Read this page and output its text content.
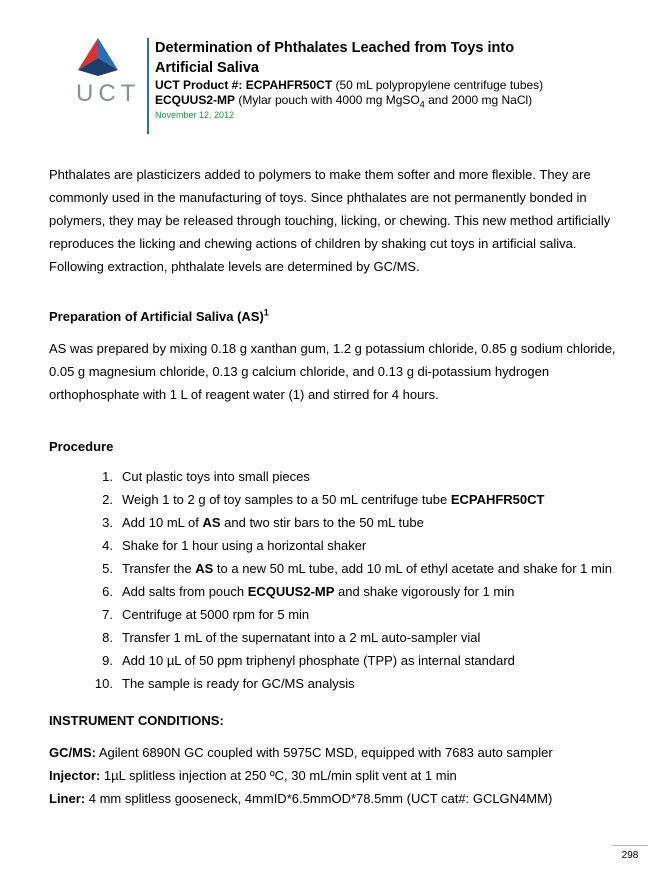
UCT

Determination of Phthalates Leached from Toys into

Artificial Saliva

UCT Product #: ECPAHFR50CT (50 mL polypropylene centrifuge tubes)

ECQUUS2-MP (Mylar pouch with 4000 mg MgSO$_4$ and 2000 mg NaCl)

November 12, 2012

Phthalates are plasticizers added to polymers to make them softer and more flexible. They are commonly used in the manufacturing of toys. Since phthalates are not permanently bonded in polymers, they may be released through touching, licking, or chewing. This new method artificially reproduces the licking and chewing actions of children by shaking cut toys in artificial saliva. Following extraction, phthalate levels are determined by GC/MS.

Preparation of Artificial Saliva (AS)$^1$

AS was prepared by mixing 0.18 g xanthan gum, 1.2 g potassium chloride, 0.85 g sodium chloride, 0.05 g magnesium chloride, 0.13 g calcium chloride, and 0.13 g di-potassium hydrogen orthophosphate with 1 L of reagent water (1) and stirred for 4 hours.

Procedure

1. Cut plastic toys into small pieces
2. Weigh 1 to 2 g of toy samples to a 50 mL centrifuge tube ECPAHFR50CT
3. Add 10 mL of AS and two stir bars to the 50 mL tube
4. Shake for 1 hour using a horizontal shaker
5. Transfer the AS to a new 50 mL tube, add 10 mL of ethyl acetate and shake for 1 min
6. Add salts from pouch ECQUUS2-MP and shake vigorously for 1 min
7. Centrifuge at 5000 rpm for 5 min
8. Transfer 1 mL of the supernatant into a 2 mL auto-sampler vial
9. Add 10 µL of 50 ppm triphenyl phosphate (TPP) as internal standard
10. The sample is ready for GC/MS analysis

INSTRUMENT CONDITIONS:

GC/MS: Agilent 6890N GC coupled with 5975C MSD, equipped with 7683 auto sampler
Injector: 1µL splitless injection at 250 ºC, 30 mL/min split vent at 1 min
Liner: 4 mm splitless gooseneck, 4mmID*6.5mmOD*78.5mm (UCT cat#: GCLGN4MM)
298
